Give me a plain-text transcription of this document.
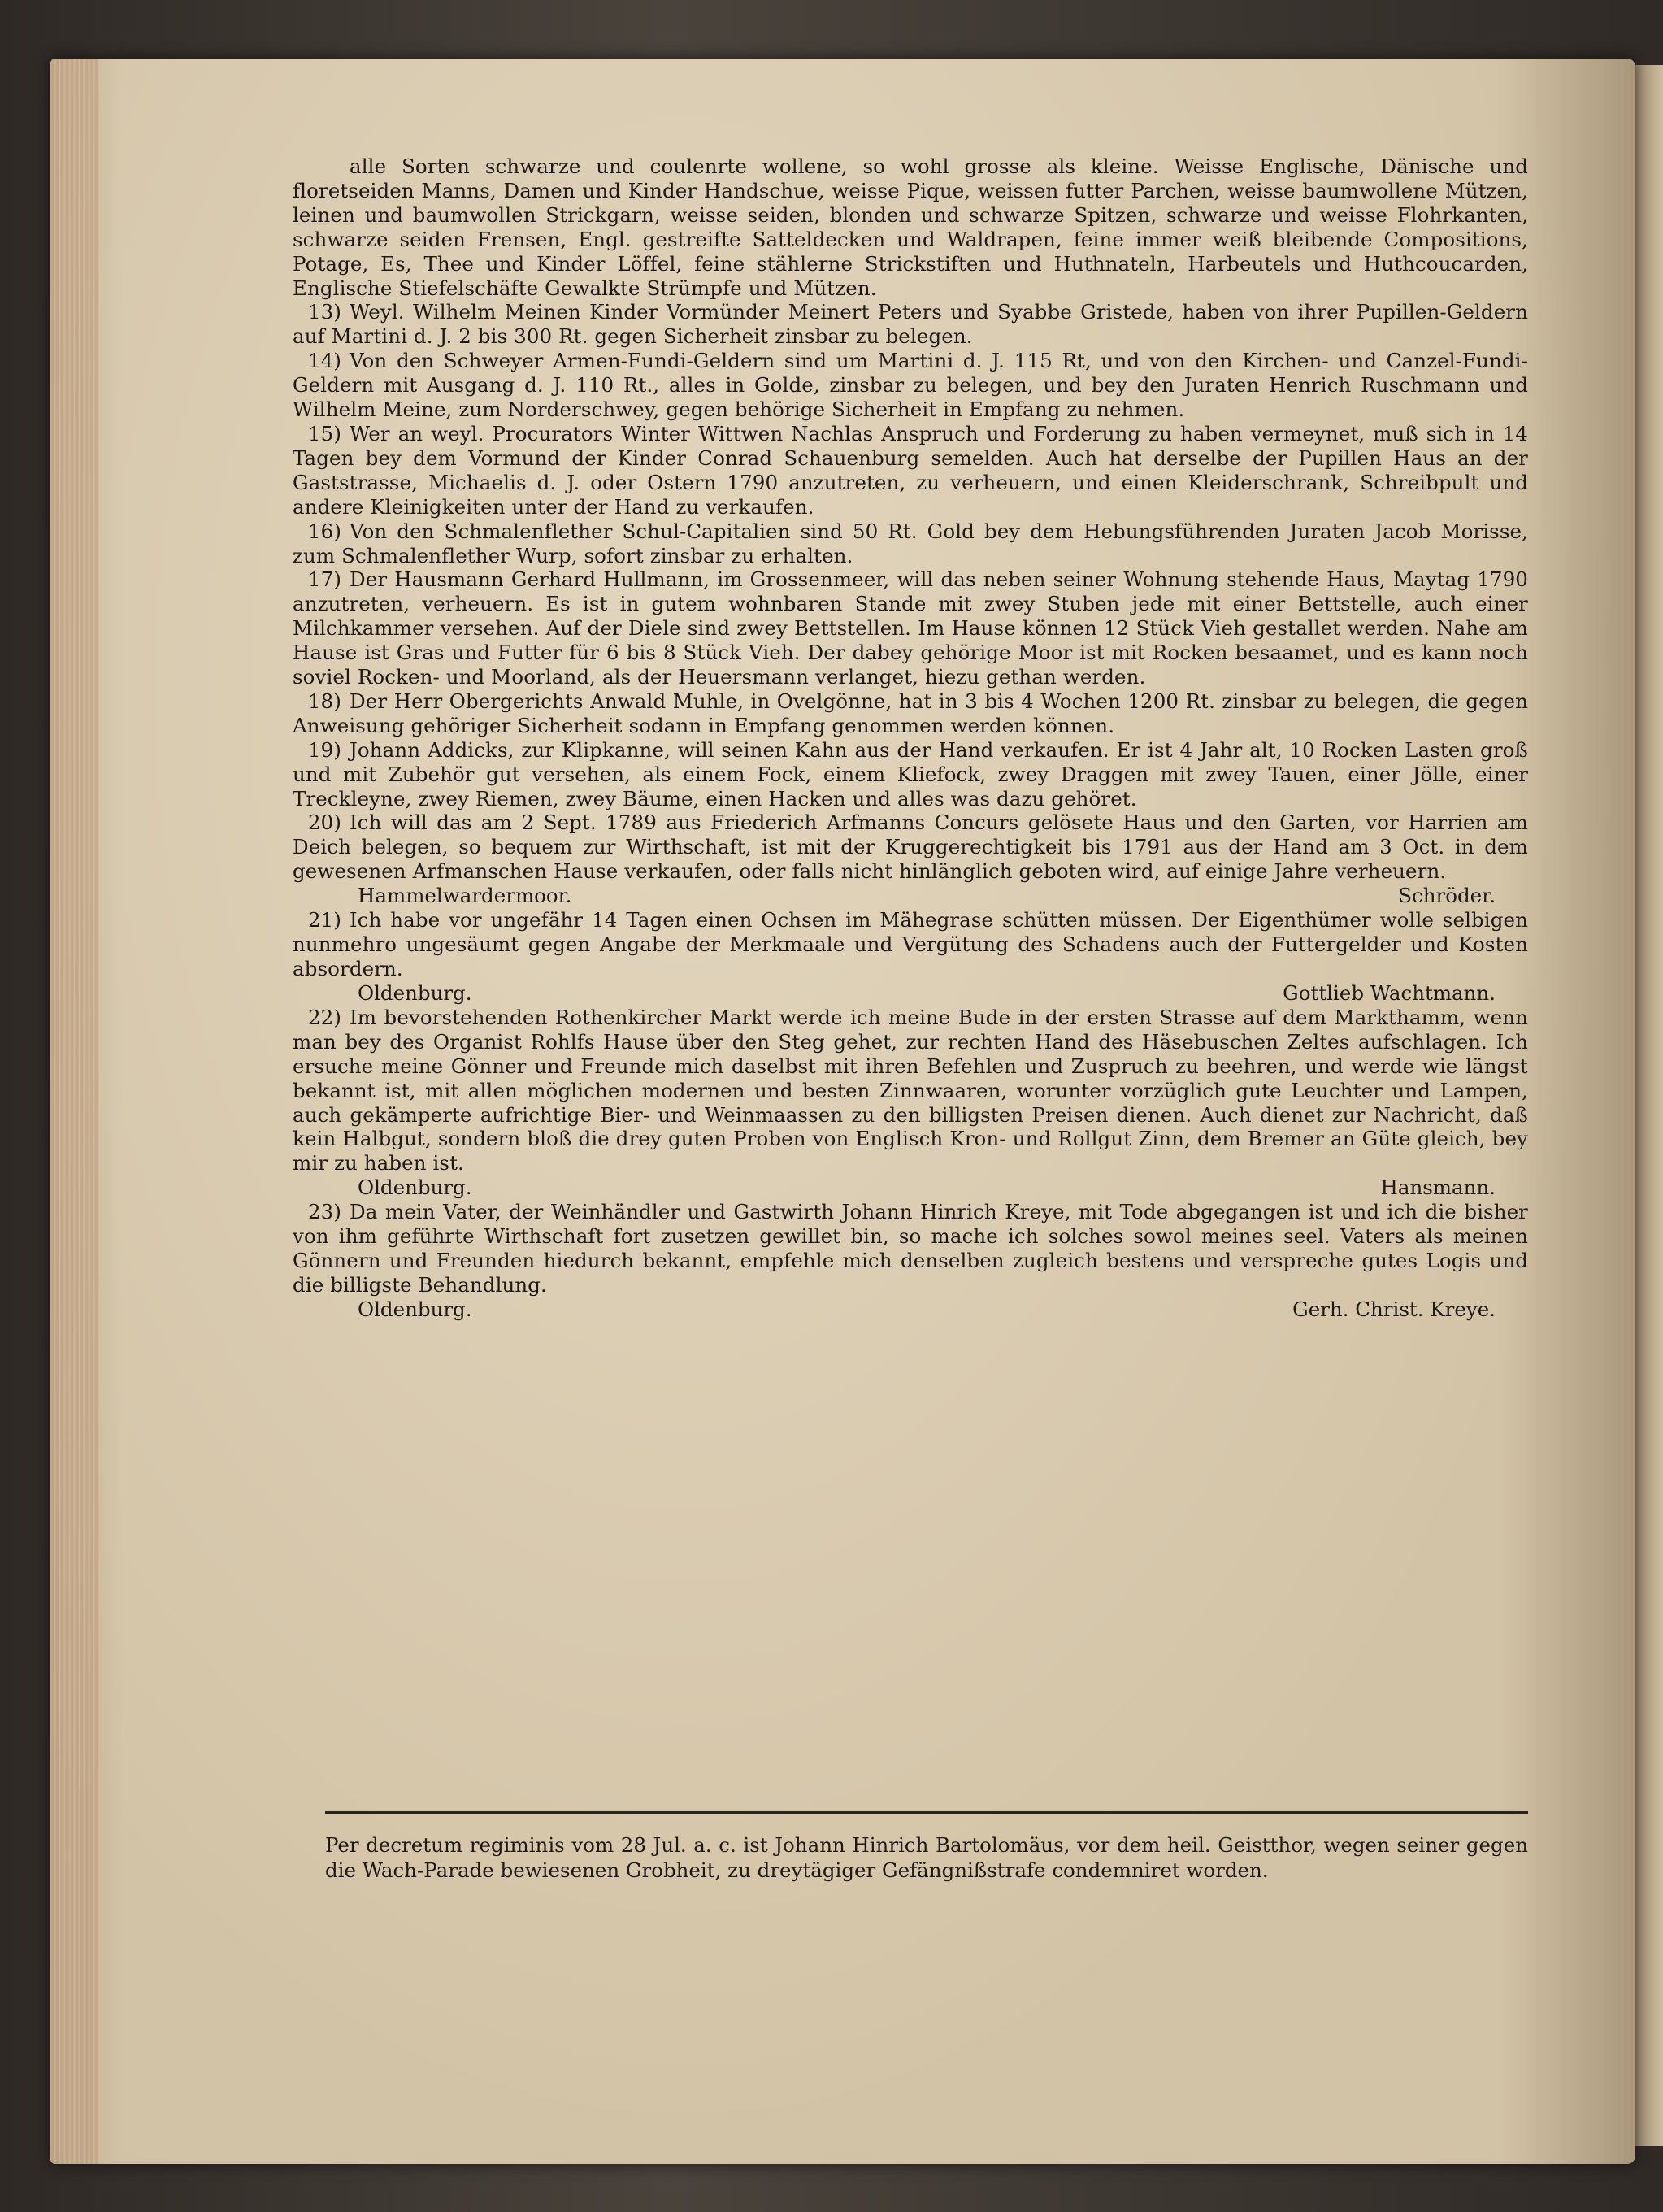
alle Sorten schwarze und coulenrte wollene, so wohl grosse als kleine. Weisse Englische, Dänische und floretseiden Manns, Damen und Kinder Handschue, weisse Pique, weissen futter Parchen, weisse baumwollene Mützen, leinen und baumwollen Strickgarn, weisse seiden, blonden und schwarze Spitzen, schwarze und weisse Flohrkanten, schwarze seiden Frensen, Engl. gestreifte Satteldecken und Waldrapen, feine immer weiß bleibende Compositions, Potage, Es, Thee und Kinder Löffel, feine stählerne Strickstiften und Huthnateln, Harbeutels und Huthcoucarden, Englische Stiefelschäfte Gewalkte Strümpfe und Mützen.
13) Weyl. Wilhelm Meinen Kinder Vormünder Meinert Peters und Syabbe Gristede, haben von ihrer Pupillen-Geldern auf Martini d. J. 2 bis 300 Rt. gegen Sicherheit zinsbar zu belegen.
14) Von den Schweyer Armen-Fundi-Geldern sind um Martini d. J. 115 Rt, und von den Kirchen- und Canzel-Fundi-Geldern mit Ausgang d. J. 110 Rt., alles in Golde, zinsbar zu belegen, und bey den Juraten Henrich Ruschmann und Wilhelm Meine, zum Norderschwey, gegen behörige Sicherheit in Empfang zu nehmen.
15) Wer an weyl. Procurators Winter Wittwen Nachlas Anspruch und Forderung zu haben vermeynet, muß sich in 14 Tagen bey dem Vormund der Kinder Conrad Schauenburg semelden. Auch hat derselbe der Pupillen Haus an der Gaststrasse, Michaelis d. J. oder Ostern 1790 anzutreten, zu verheuern, und einen Kleiderschrank, Schreibpult und andere Kleinigkeiten unter der Hand zu verkaufen.
16) Von den Schmalenflether Schul-Capitalien sind 50 Rt. Gold bey dem Hebungsführenden Juraten Jacob Morisse, zum Schmalenflether Wurp, sofort zinsbar zu erhalten.
17) Der Hausmann Gerhard Hullmann, im Grossenmeer, will das neben seiner Wohnung stehende Haus, Maytag 1790 anzutreten, verheuern. Es ist in gutem wohnbaren Stande mit zwey Stuben jede mit einer Bettstelle, auch einer Milchkammer versehen. Auf der Diele sind zwey Bettstellen. Im Hause können 12 Stück Vieh gestallet werden. Nahe am Hause ist Gras und Futter für 6 bis 8 Stück Vieh. Der dabey gehörige Moor ist mit Rocken besaamet, und es kann noch soviel Rocken- und Moorland, als der Heuersmann verlanget, hiezu gethan werden.
18) Der Herr Obergerichts Anwald Muhle, in Ovelgönne, hat in 3 bis 4 Wochen 1200 Rt. zinsbar zu belegen, die gegen Anweisung gehöriger Sicherheit sodann in Empfang genommen werden können.
19) Johann Addicks, zur Klipkanne, will seinen Kahn aus der Hand verkaufen. Er ist 4 Jahr alt, 10 Rocken Lasten groß und mit Zubehör gut versehen, als einem Fock, einem Kliefock, zwey Draggen mit zwey Tauen, einer Jölle, einer Treckleyne, zwey Riemen, zwey Bäume, einen Hacken und alles was dazu gehöret.
20) Ich will das am 2 Sept. 1789 aus Friederich Arfmanns Concurs gelösete Haus und den Garten, vor Harrien am Deich belegen, so bequem zur Wirthschaft, ist mit der Kruggerechtigkeit bis 1791 aus der Hand am 3 Oct. in dem gewesenen Arfmanschen Hause verkaufen, oder falls nicht hinlänglich geboten wird, auf einige Jahre verheuern.
Hammelwardermoor.	Schröder.
21) Ich habe vor ungefähr 14 Tagen einen Ochsen im Mähegrase schütten müssen. Der Eigenthümer wolle selbigen nunmehro ungesäumt gegen Angabe der Merkmaale und Vergütung des Schadens auch der Futtergelder und Kosten absordern.
Oldenburg.	Gottlieb Wachtmann.
22) Im bevorstehenden Rothenkircher Markt werde ich meine Bude in der ersten Strasse auf dem Markthamm, wenn man bey des Organist Rohlfs Hause über den Steg gehet, zur rechten Hand des Häsebuschen Zeltes aufschlagen. Ich ersuche meine Gönner und Freunde mich daselbst mit ihren Befehlen und Zuspruch zu beehren, und werde wie längst bekannt ist, mit allen möglichen modernen und besten Zinnwaaren, worunter vorzüglich gute Leuchter und Lampen, auch gekämperte aufrichtige Bier- und Weinmaassen zu den billigsten Preisen dienen. Auch dienet zur Nachricht, daß kein Halbgut, sondern bloß die drey guten Proben von Englisch Kron- und Rollgut Zinn, dem Bremer an Güte gleich, bey mir zu haben ist.
Oldenburg.	Hansmann.
23) Da mein Vater, der Weinhändler und Gastwirth Johann Hinrich Kreye, mit Tode abgegangen ist und ich die bisher von ihm geführte Wirthschaft fort zusetzen gewillet bin, so mache ich solches sowol meines seel. Vaters als meinen Gönnern und Freunden hiedurch bekannt, empfehle mich denselben zugleich bestens und verspreche gutes Logis und die billigste Behandlung.
Oldenburg.	Gerh. Christ. Kreye.
Per decretum regiminis vom 28 Jul. a. c. ist Johann Hinrich Bartolomäus, vor dem heil. Geistthor, wegen seiner gegen die Wach-Parade bewiesenen Grobheit, zu dreytägiger Gefängnißstrafe condemniret worden.
